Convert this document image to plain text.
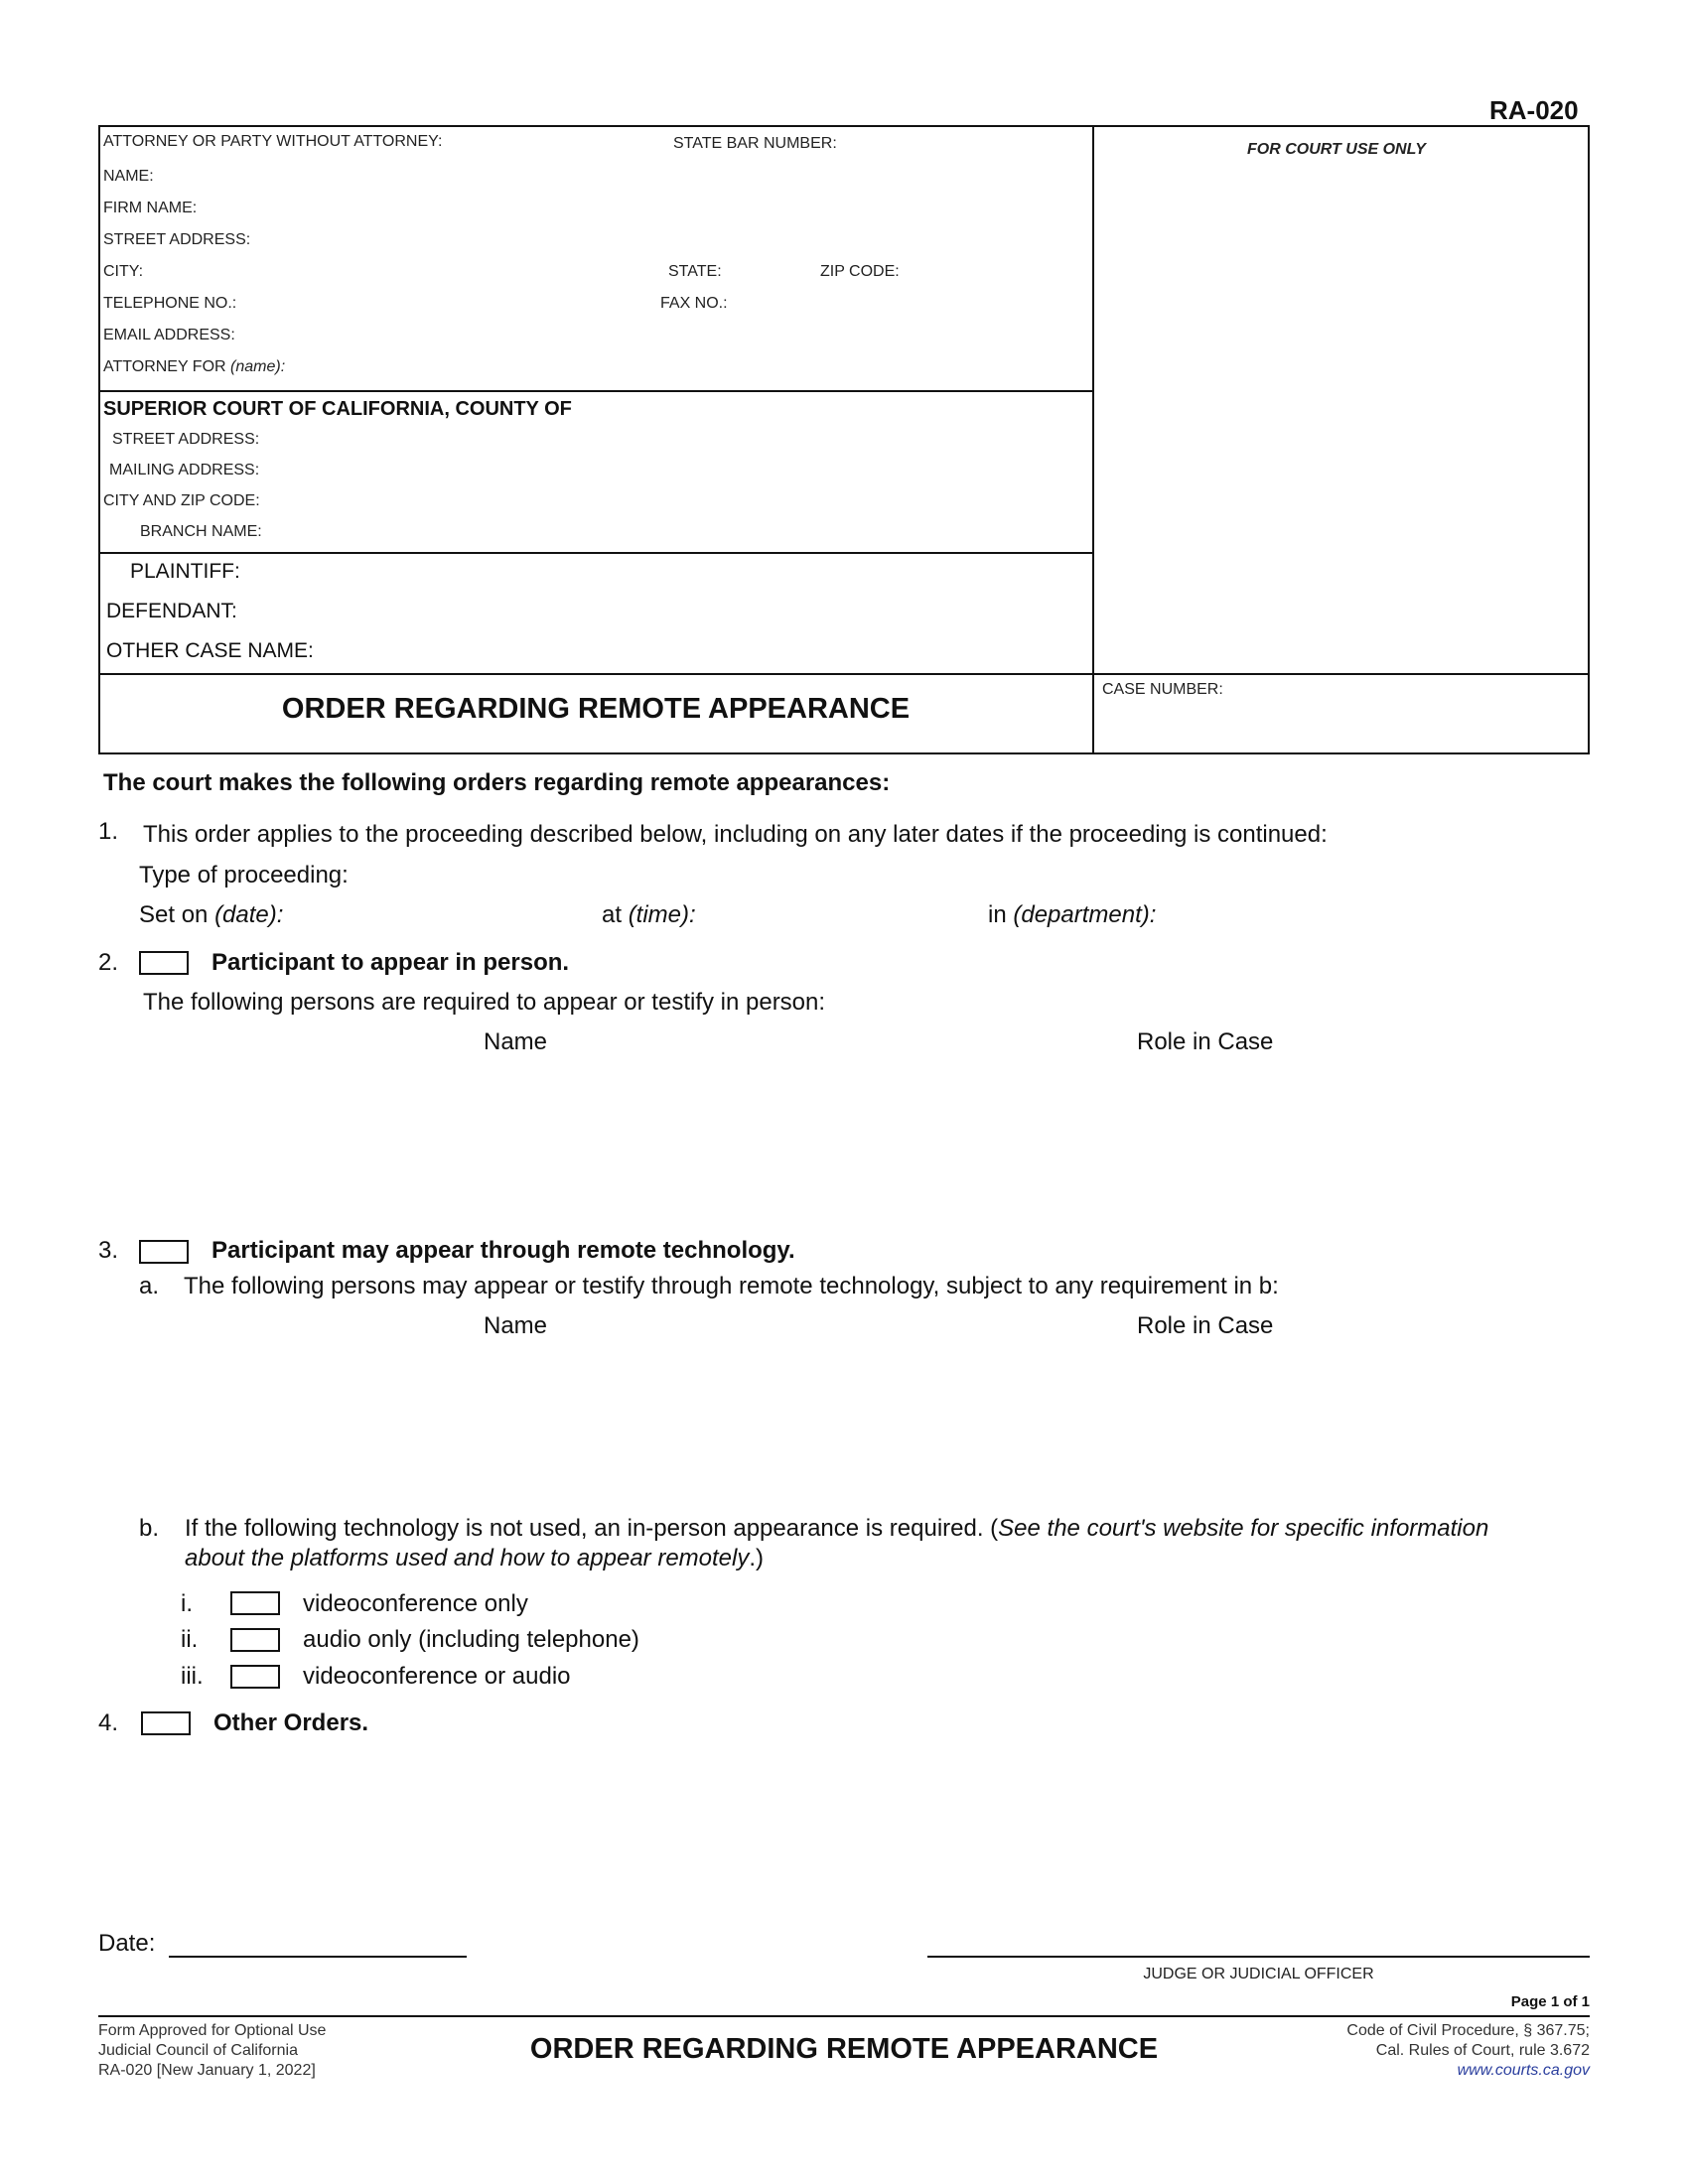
RA-020
ATTORNEY OR PARTY WITHOUT ATTORNEY:	STATE BAR NUMBER:
NAME:
FIRM NAME:
STREET ADDRESS:
CITY:	STATE:	ZIP CODE:
TELEPHONE NO.:	FAX NO.:
EMAIL ADDRESS:
ATTORNEY FOR (name):
FOR COURT USE ONLY
SUPERIOR COURT OF CALIFORNIA, COUNTY OF
STREET ADDRESS:
MAILING ADDRESS:
CITY AND ZIP CODE:
BRANCH NAME:
PLAINTIFF:
DEFENDANT:
OTHER CASE NAME:
ORDER REGARDING REMOTE APPEARANCE
CASE NUMBER:
The court makes the following orders regarding remote appearances:
1. This order applies to the proceeding described below, including on any later dates if the proceeding is continued:
Type of proceeding:
Set on (date):	at (time):	in (department):
2.	Participant to appear in person.
The following persons are required to appear or testify in person:
Name	Role in Case
3.	Participant may appear through remote technology.
a. The following persons may appear or testify through remote technology, subject to any requirement in b:
Name	Role in Case
b. If the following technology is not used, an in-person appearance is required. (See the court's website for specific information
about the platforms used and how to appear remotely.)
i.	videoconference only
ii.	audio only (including telephone)
iii.	videoconference or audio
4.	Other Orders.
Date:
JUDGE OR JUDICIAL OFFICER
Page 1 of 1
Form Approved for Optional Use
Judicial Council of California
RA-020 [New January 1, 2022]
ORDER REGARDING REMOTE APPEARANCE
Code of Civil Procedure, § 367.75;
Cal. Rules of Court, rule 3.672
www.courts.ca.gov
